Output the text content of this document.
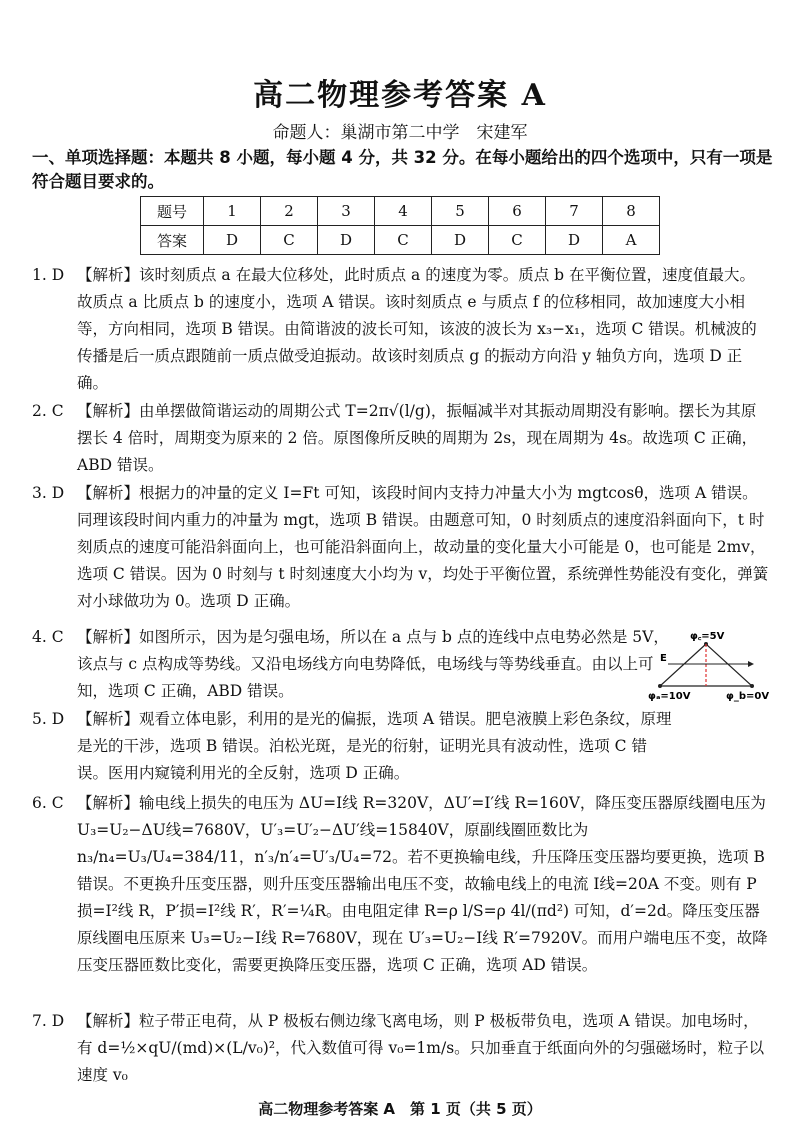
高二物理参考答案 A
命题人：巢湖市第二中学　宋建军
一、单项选择题：本题共 8 小题，每小题 4 分，共 32 分。在每小题给出的四个选项中，只有一项是符合题目要求的。
题号	1	2	3	4	5	6	7	8
答案	D	C	D	C	D	C	D	A
1. D 【解析】该时刻质点 a 在最大位移处，此时质点 a 的速度为零。质点 b 在平衡位置，速度值最大。故质点 a 比质点 b 的速度小，选项 A 错误。该时刻质点 e 与质点 f 的位移相同，故加速度大小相等，方向相同，选项 B 错误。由简谐波的波长可知，该波的波长为 x₃−x₁，选项 C 错误。机械波的传播是后一质点跟随前一质点做受迫振动。故该时刻质点 g 的振动方向沿 y 轴负方向，选项 D 正确。
2. C 【解析】由单摆做简谐运动的周期公式 T=2π√(l/g)，振幅减半对其振动周期没有影响。摆长为其原摆长 4 倍时，周期变为原来的 2 倍。原图像所反映的周期为 2s，现在周期为 4s。故选项 C 正确，ABD 错误。
3. D 【解析】根据力的冲量的定义 I=Ft 可知，该段时间内支持力冲量大小为 mgtcosθ，选项 A 错误。同理该段时间内重力的冲量为 mgt，选项 B 错误。由题意可知，0 时刻质点的速度沿斜面向下，t 时刻质点的速度可能沿斜面向上，也可能沿斜面向上，故动量的变化量大小可能是 0，也可能是 2mv，选项 C 错误。因为 0 时刻与 t 时刻速度大小均为 v，均处于平衡位置，系统弹性势能没有变化，弹簧对小球做功为 0。选项 D 正确。
4. C 【解析】如图所示，因为是匀强电场，所以在 a 点与 b 点的连线中点电势必然是 5V，该点与 c 点构成等势线。又沿电场线方向电势降低，电场线与等势线垂直。由以上可知，选项 C 正确，ABD 错误。
5. D 【解析】观看立体电影，利用的是光的偏振，选项 A 错误。肥皂液膜上彩色条纹，原理是光的干涉，选项 B 错误。泊松光斑，是光的衍射，证明光具有波动性，选项 C 错误。医用内窥镜利用光的全反射，选项 D 正确。
6. C 【解析】输电线上损失的电压为 ΔU=I线 R=320V，ΔU′=I′线 R=160V，降压变压器原线圈电压为 U₃=U₂−ΔU线=7680V，U′₃=U′₂−ΔU′线=15840V，原副线圈匝数比为 n₃/n₄=U₃/U₄=384/11，n′₃/n′₄=U′₃/U₄=72。若不更换输电线，升压降压变压器均要更换，选项 B 错误。不更换升压变压器，则升压变压器输出电压不变，故输电线上的电流 I线=20A 不变。则有 P损=I²线 R，P′损=I²线 R′，R′=¼R。由电阻定律 R=ρ l/S=ρ 4l/(πd²) 可知，d′=2d。降压变压器原线圈电压原来 U₃=U₂−I线 R=7680V，现在 U′₃=U₂−I线 R′=7920V。而用户端电压不变，故降压变压器匝数比变化，需要更换降压变压器，选项 C 正确，选项 AD 错误。
7. D 【解析】粒子带正电荷，从 P 极板右侧边缘飞离电场，则 P 极板带负电，选项 A 错误。加电场时，有 d=½×qU/(md)×(L/v₀)²，代入数值可得 v₀=1m/s。只加垂直于纸面向外的匀强磁场时，粒子以速度 v₀
φ꜀=5V
E
φₐ=10V	φ_b=0V
高二物理参考答案 A　第 1 页（共 5 页）
